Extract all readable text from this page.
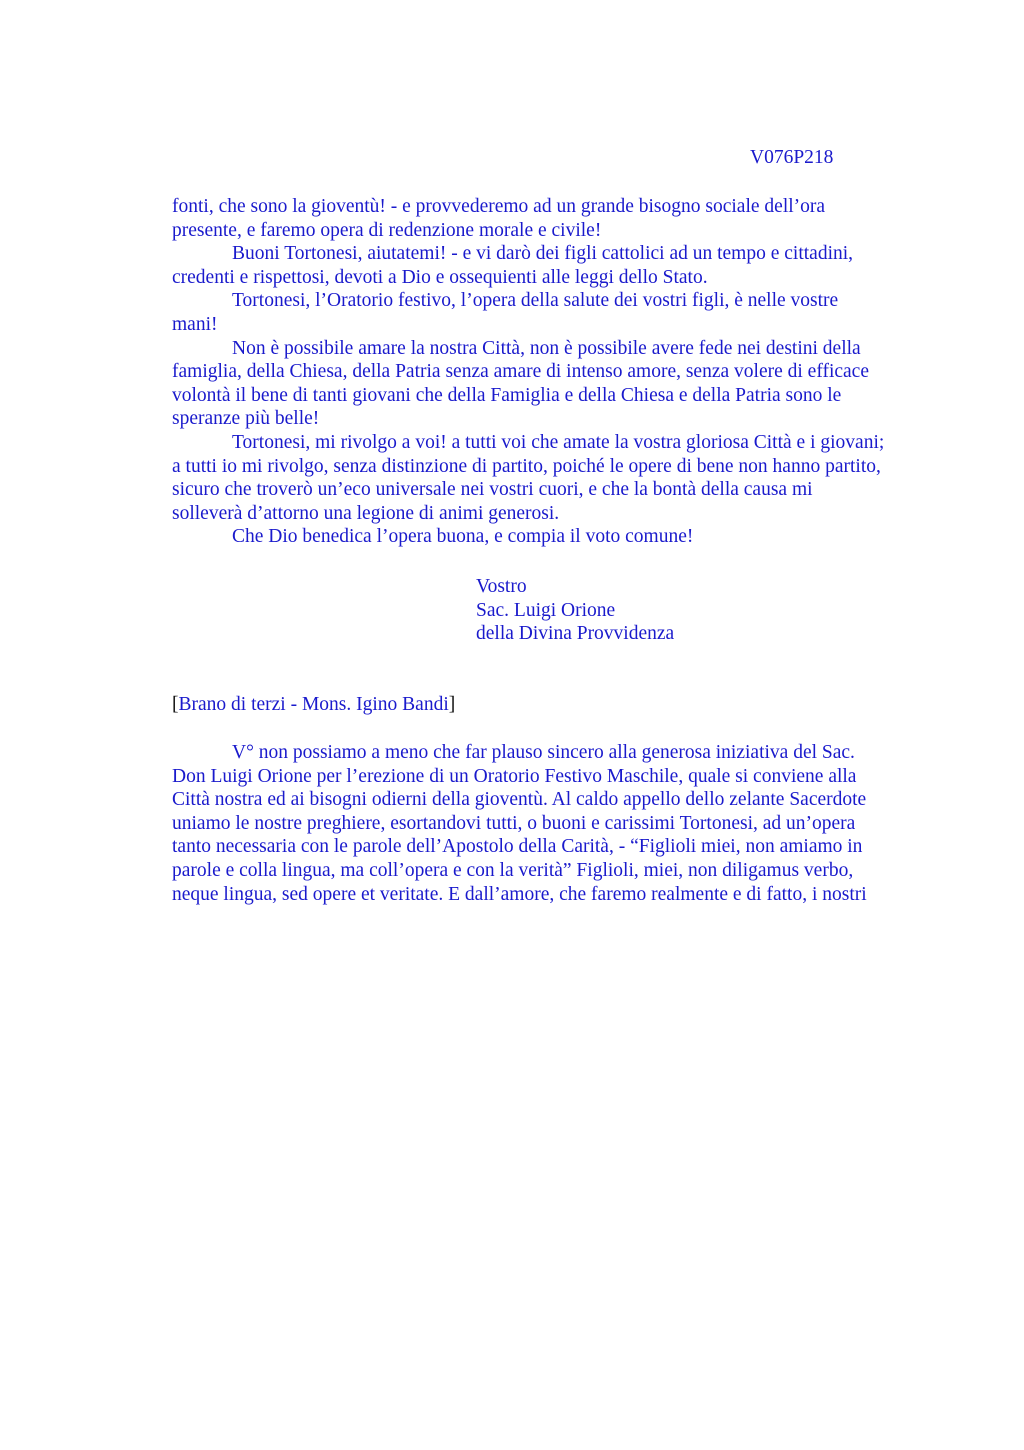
V076P218
fonti, che sono la gioventù! - e provvederemo ad un grande bisogno sociale dell’ora
presente, e faremo opera di redenzione morale e civile!
Buoni Tortonesi, aiutatemi! - e vi darò dei figli cattolici ad un tempo e cittadini,
credenti e rispettosi, devoti a Dio e ossequienti alle leggi dello Stato.
Tortonesi, l’Oratorio festivo, l’opera della salute dei vostri figli, è nelle vostre
mani!
Non è possibile amare la nostra Città, non è possibile avere fede nei destini della
famiglia, della Chiesa, della Patria senza amare di intenso amore, senza volere di efficace
volontà il bene di tanti giovani che della Famiglia e della Chiesa e della Patria sono le
speranze più belle!
Tortonesi, mi rivolgo a voi! a tutti voi che amate la vostra gloriosa Città e i giovani;
a tutti io mi rivolgo, senza distinzione di partito, poiché le opere di bene non hanno partito,
sicuro che troverò un’eco universale nei vostri cuori, e che la bontà della causa mi
solleverà d’attorno una legione di animi generosi.
Che Dio benedica l’opera buona, e compia il voto comune!
Vostro
Sac. Luigi Orione
della Divina Provvidenza
[Brano di terzi - Mons. Igino Bandi]
V° non possiamo a meno che far plauso sincero alla generosa iniziativa del Sac.
Don Luigi Orione per l’erezione di un Oratorio Festivo Maschile, quale si conviene alla
Città nostra ed ai bisogni odierni della gioventù. Al caldo appello dello zelante Sacerdote
uniamo le nostre preghiere, esortandovi tutti, o buoni e carissimi Tortonesi, ad un’opera
tanto necessaria con le parole dell’Apostolo della Carità, - “Figlioli miei, non amiamo in
parole e colla lingua, ma coll’opera e con la verità” Figlioli, miei, non diligamus verbo,
neque lingua, sed opere et veritate. E dall’amore, che faremo realmente e di fatto, i nostri
